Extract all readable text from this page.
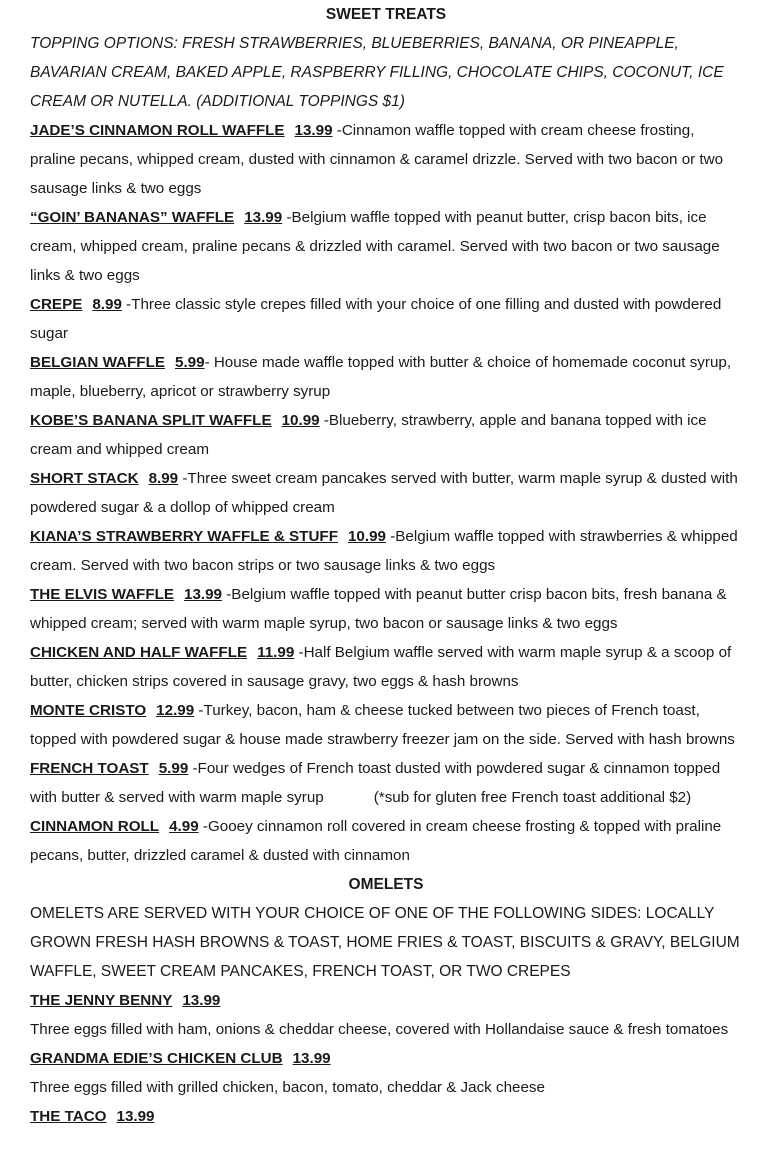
SWEET TREATS
TOPPING OPTIONS: FRESH STRAWBERRIES, BLUEBERRIES, BANANA, OR PINEAPPLE, BAVARIAN CREAM, BAKED APPLE, RASPBERRY FILLING, CHOCOLATE CHIPS, COCONUT, ICE CREAM OR NUTELLA. (ADDITIONAL TOPPINGS $1)

JADE’S CINNAMON ROLL WAFFLE 13.99 -Cinnamon waffle topped with cream cheese frosting, praline pecans, whipped cream, dusted with cinnamon & caramel drizzle. Served with two bacon or two sausage links & two eggs

“GOIN’ BANANAS” WAFFLE 13.99 -Belgium waffle topped with peanut butter, crisp bacon bits, ice cream, whipped cream, praline pecans & drizzled with caramel. Served with two bacon or two sausage links & two eggs

CREPE 8.99 -Three classic style crepes filled with your choice of one filling and dusted with powdered sugar

BELGIAN WAFFLE 5.99- House made waffle topped with butter & choice of homemade coconut syrup, maple, blueberry, apricot or strawberry syrup

KOBE’S BANANA SPLIT WAFFLE 10.99 -Blueberry, strawberry, apple and banana topped with ice cream and whipped cream

SHORT STACK 8.99 -Three sweet cream pancakes served with butter, warm maple syrup & dusted with powdered sugar & a dollop of whipped cream

KIANA’S STRAWBERRY WAFFLE & STUFF 10.99 -Belgium waffle topped with strawberries & whipped cream. Served with two bacon strips or two sausage links & two eggs

THE ELVIS WAFFLE 13.99 -Belgium waffle topped with peanut butter crisp bacon bits, fresh banana & whipped cream; served with warm maple syrup, two bacon or sausage links & two eggs

CHICKEN AND HALF WAFFLE 11.99 -Half Belgium waffle served with warm maple syrup & a scoop of butter, chicken strips covered in sausage gravy, two eggs & hash browns

MONTE CRISTO 12.99 -Turkey, bacon, ham & cheese tucked between two pieces of French toast, topped with powdered sugar & house made strawberry freezer jam on the side. Served with hash browns

FRENCH TOAST 5.99 -Four wedges of French toast dusted with powdered sugar & cinnamon topped with butter & served with warm maple syrup	(*sub for gluten free French toast additional $2)

CINNAMON ROLL 4.99 -Gooey cinnamon roll covered in cream cheese frosting & topped with praline pecans, butter, drizzled caramel & dusted with cinnamon

OMELETS
OMELETS ARE SERVED WITH YOUR CHOICE OF ONE OF THE FOLLOWING SIDES: LOCALLY GROWN FRESH HASH BROWNS & TOAST, HOME FRIES & TOAST, BISCUITS & GRAVY, BELGIUM WAFFLE, SWEET CREAM PANCAKES, FRENCH TOAST, OR TWO CREPES

THE JENNY BENNY 13.99

Three eggs filled with ham, onions & cheddar cheese, covered with Hollandaise sauce & fresh tomatoes

GRANDMA EDIE’S CHICKEN CLUB 13.99

Three eggs filled with grilled chicken, bacon, tomato, cheddar & Jack cheese

THE TACO 13.99
